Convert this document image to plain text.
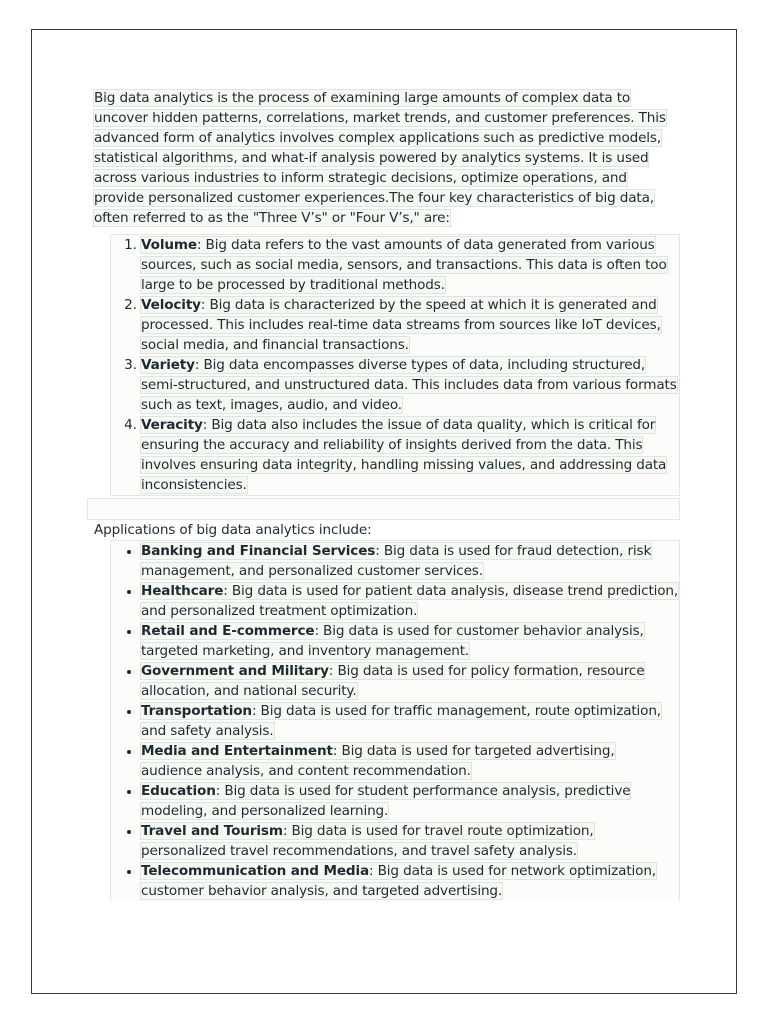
Big data analytics is the process of examining large amounts of complex data to uncover hidden patterns, correlations, market trends, and customer preferences. This advanced form of analytics involves complex applications such as predictive models, statistical algorithms, and what-if analysis powered by analytics systems. It is used across various industries to inform strategic decisions, optimize operations, and provide personalized customer experiences.The four key characteristics of big data, often referred to as the "Three V’s" or "Four V’s," are:

1. Volume: Big data refers to the vast amounts of data generated from various sources, such as social media, sensors, and transactions. This data is often too large to be processed by traditional methods.
2. Velocity: Big data is characterized by the speed at which it is generated and processed. This includes real-time data streams from sources like IoT devices, social media, and financial transactions.
3. Variety: Big data encompasses diverse types of data, including structured, semi-structured, and unstructured data. This includes data from various formats such as text, images, audio, and video.
4. Veracity: Big data also includes the issue of data quality, which is critical for ensuring the accuracy and reliability of insights derived from the data. This involves ensuring data integrity, handling missing values, and addressing data inconsistencies.

Applications of big data analytics include:

• Banking and Financial Services: Big data is used for fraud detection, risk management, and personalized customer services.
• Healthcare: Big data is used for patient data analysis, disease trend prediction, and personalized treatment optimization.
• Retail and E-commerce: Big data is used for customer behavior analysis, targeted marketing, and inventory management.
• Government and Military: Big data is used for policy formation, resource allocation, and national security.
• Transportation: Big data is used for traffic management, route optimization, and safety analysis.
• Media and Entertainment: Big data is used for targeted advertising, audience analysis, and content recommendation.
• Education: Big data is used for student performance analysis, predictive modeling, and personalized learning.
• Travel and Tourism: Big data is used for travel route optimization, personalized travel recommendations, and travel safety analysis.
• Telecommunication and Media: Big data is used for network optimization, customer behavior analysis, and targeted advertising.
